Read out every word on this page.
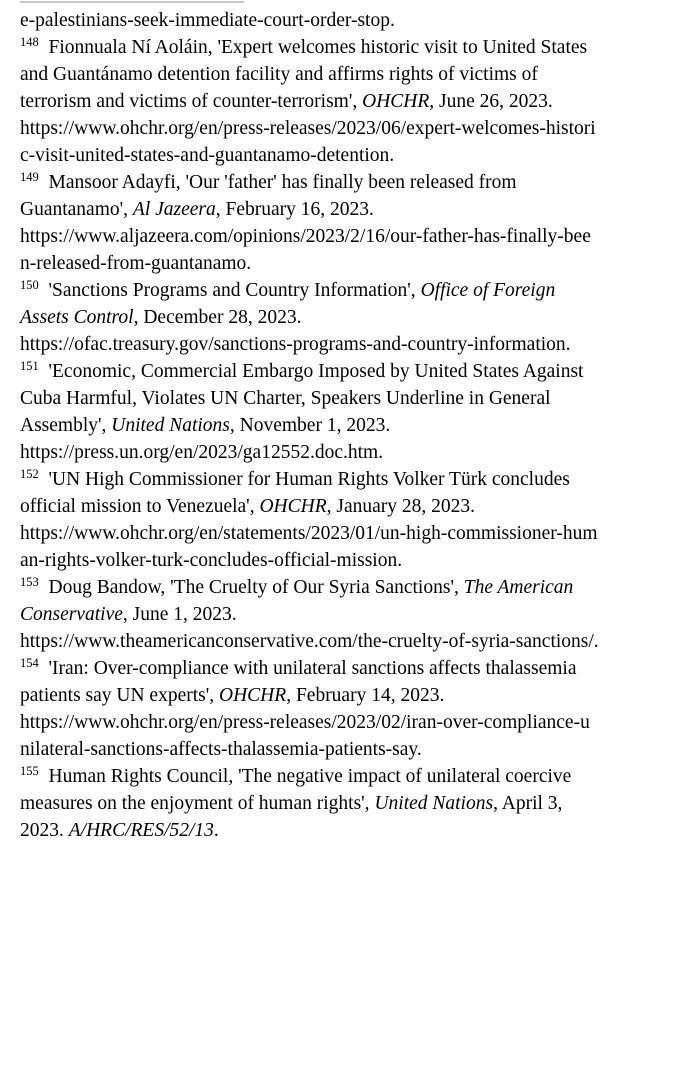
e-palestinians-seek-immediate-court-order-stop.
$^{148}$  Fionnuala Ní Aoláin, 'Expert welcomes historic visit to United States
and Guantánamo detention facility and affirms rights of victims of
terrorism and victims of counter-terrorism', OHCHR, June 26, 2023.
https://www.ohchr.org/en/press-releases/2023/06/expert-welcomes-histori
c-visit-united-states-and-guantanamo-detention.
$^{149}$  Mansoor Adayfi, 'Our 'father' has finally been released from
Guantanamo', Al Jazeera, February 16, 2023.
https://www.aljazeera.com/opinions/2023/2/16/our-father-has-finally-bee
n-released-from-guantanamo.
$^{150}$  'Sanctions Programs and Country Information', Office of Foreign
Assets Control, December 28, 2023.
https://ofac.treasury.gov/sanctions-programs-and-country-information.
$^{151}$  'Economic, Commercial Embargo Imposed by United States Against
Cuba Harmful, Violates UN Charter, Speakers Underline in General
Assembly', United Nations, November 1, 2023.
https://press.un.org/en/2023/ga12552.doc.htm.
$^{152}$  'UN High Commissioner for Human Rights Volker Türk concludes
official mission to Venezuela', OHCHR, January 28, 2023.
https://www.ohchr.org/en/statements/2023/01/un-high-commissioner-hum
an-rights-volker-turk-concludes-official-mission.
$^{153}$  Doug Bandow, 'The Cruelty of Our Syria Sanctions', The American
Conservative, June 1, 2023.
https://www.theamericanconservative.com/the-cruelty-of-syria-sanctions/.
$^{154}$  'Iran: Over-compliance with unilateral sanctions affects thalassemia
patients say UN experts', OHCHR, February 14, 2023.
https://www.ohchr.org/en/press-releases/2023/02/iran-over-compliance-u
nilateral-sanctions-affects-thalassemia-patients-say.
$^{155}$  Human Rights Council, 'The negative impact of unilateral coercive
measures on the enjoyment of human rights', United Nations, April 3,
2023. A/HRC/RES/52/13.
